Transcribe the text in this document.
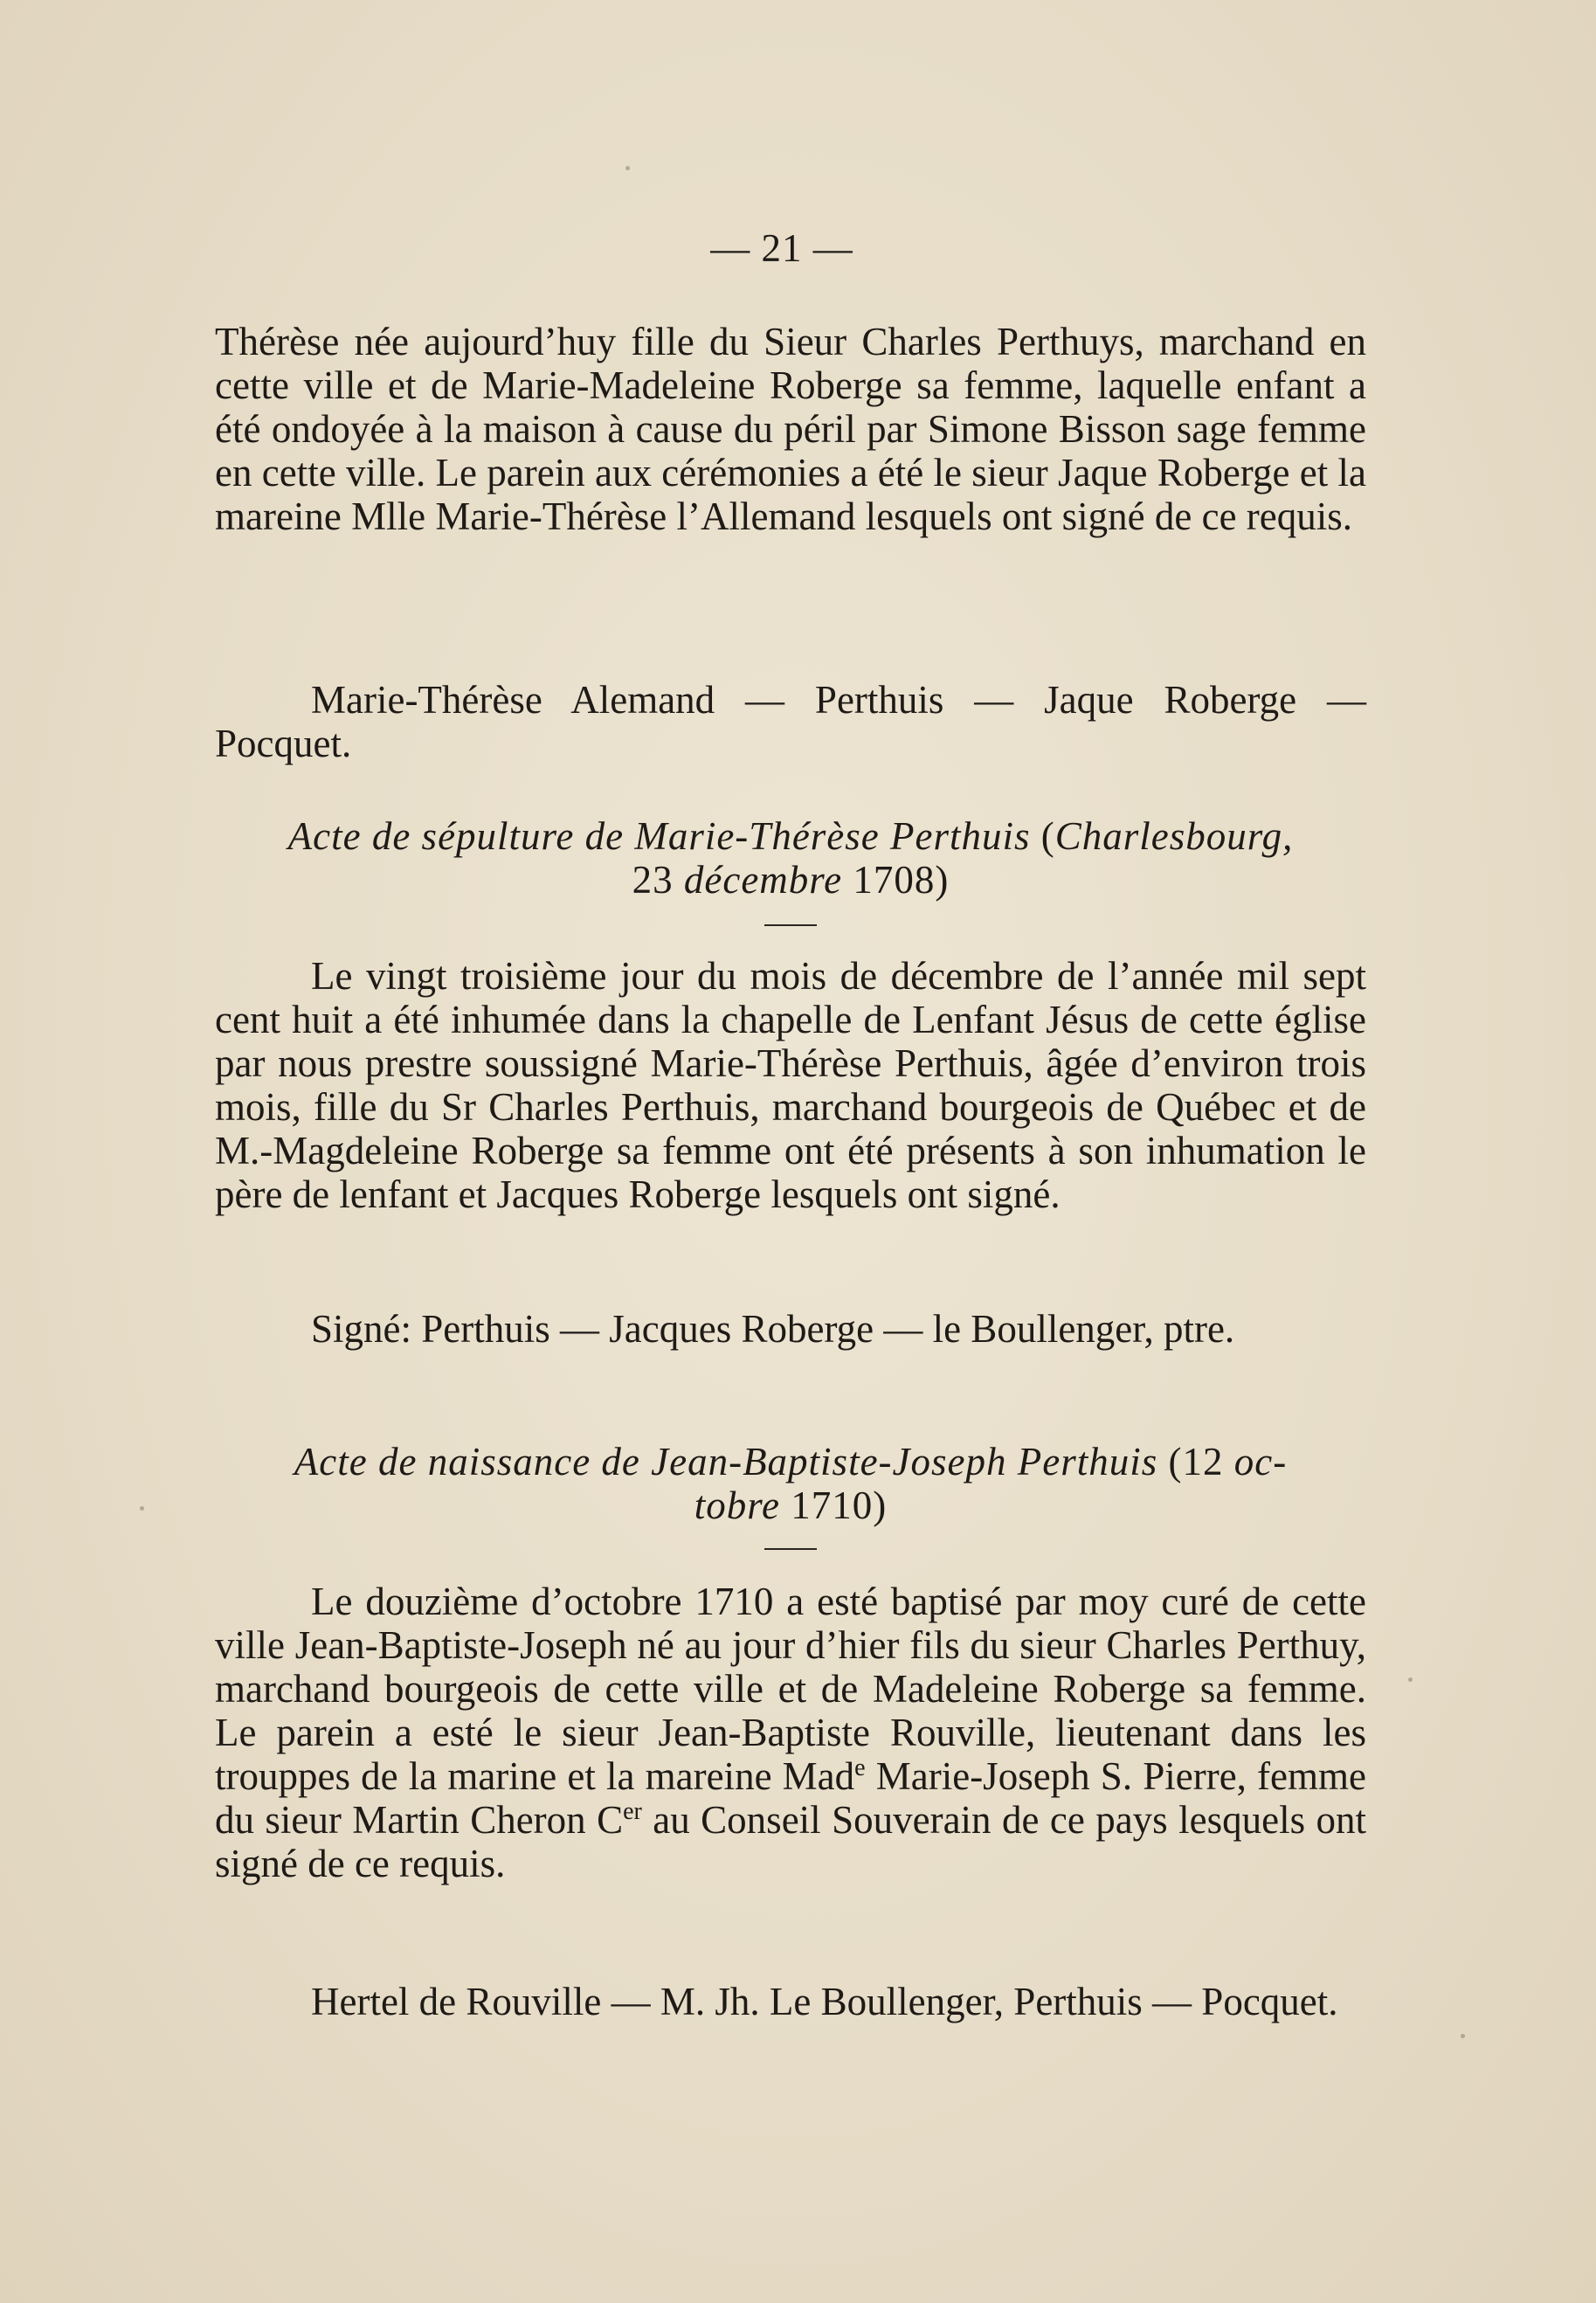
— 21 —

Thérèse née aujourd’huy fille du Sieur Charles Perthuys, marchand en cette ville et de Marie-Madeleine Roberge sa femme, laquelle enfant a été ondoyée à la maison à cause du péril par Simone Bisson sage femme en cette ville. Le parein aux cérémonies a été le sieur Jaque Roberge et la mareine Mlle Marie-Thérèse l’Allemand lesquels ont signé de ce requis.

Marie-Thérèse Alemand — Perthuis — Jaque Roberge — Pocquet.

Acte de sépulture de Marie-Thérèse Perthuis (Charlesbourg,
23 décembre 1708)

Le vingt troisième jour du mois de décembre de l’année mil sept cent huit a été inhumée dans la chapelle de Lenfant Jésus de cette église par nous prestre soussigné Marie-Thérèse Perthuis, âgée d’environ trois mois, fille du Sr Charles Perthuis, marchand bourgeois de Québec et de M.-Magdeleine Roberge sa femme ont été présents à son inhumation le père de lenfant et Jacques Roberge lesquels ont signé.

Signé: Perthuis — Jacques Roberge — le Boullenger, ptre.

Acte de naissance de Jean-Baptiste-Joseph Perthuis (12 oc-
tobre 1710)

Le douzième d’octobre 1710 a esté baptisé par moy curé de cette ville Jean-Baptiste-Joseph né au jour d’hier fils du sieur Charles Perthuy, marchand bourgeois de cette ville et de Madeleine Roberge sa femme. Le parein a esté le sieur Jean-Baptiste Rouville, lieutenant dans les trouppes de la marine et la mareine Mad$^e$ Marie-Joseph S. Pierre, femme du sieur Martin Cheron Cer au Conseil Souverain de ce pays lesquels ont signé de ce requis.

Hertel de Rouville — M. Jh. Le Boullenger, Perthuis — Pocquet.
